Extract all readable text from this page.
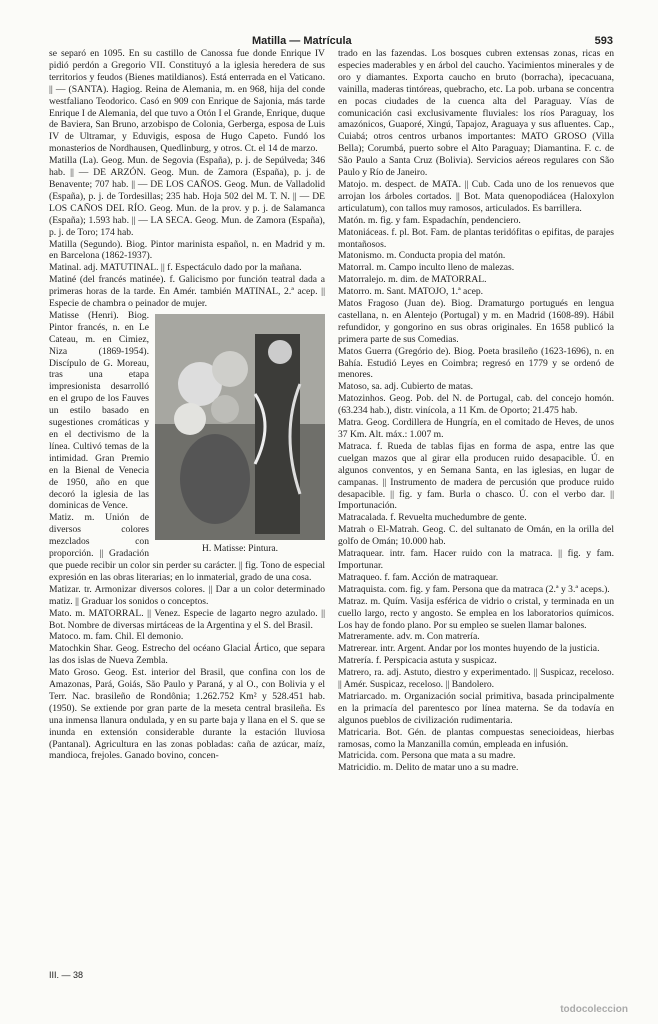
Matilla — Matrícula	593

se separó en 1095. En su castillo de Canossa fue donde Enrique IV pidió perdón a Gregorio VII. Constituyó a la iglesia heredera de sus territorios y feudos (Bienes matildianos). Está enterrada en el Vaticano. || — (SANTA). Hagiog. Reina de Alemania, m. en 968, hija del conde westfaliano Teodorico. Casó en 909 con Enrique de Sajonia, más tarde Enrique I de Alemania, del que tuvo a Otón I el Grande, Enrique, duque de Baviera, San Bruno, arzobispo de Colonia, Gerberga, esposa de Luis IV de Ultramar, y Eduvigis, esposa de Hugo Capeto. Fundó los monasterios de Nordhausen, Quedlinburg, y otros. Ct. el 14 de marzo.

Matilla (La). Geog. Mun. de Segovia (España), p. j. de Sepúlveda; 346 hab. || — DE ARZÓN. Geog. Mun. de Zamora (España), p. j. de Benavente; 707 hab. || — DE LOS CAÑOS. Geog. Mun. de Valladolid (España), p. j. de Tordesillas; 235 hab. Hoja 502 del M. T. N. || — DE LOS CAÑOS DEL RÍO. Geog. Mun. de la prov. y p. j. de Salamanca (España); 1.593 hab. || — LA SECA. Geog. Mun. de Zamora (España), p. j. de Toro; 174 hab.

Matilla (Segundo). Biog. Pintor marinista español, n. en Madrid y m. en Barcelona (1862-1937).

Matinal. adj. MATUTINAL. || f. Espectáculo dado por la mañana.

Matiné (del francés matinée). f. Galicismo por función teatral dada a primeras horas de la tarde. En Amér. también MATINAL, 2.ª acep. || Especie de chambra o peinador de mujer.

H. Matisse: Pintura.

Matisse (Henri). Biog. Pintor francés, n. en Le Cateau, m. en Cimiez, Niza (1869-1954). Discípulo de G. Moreau, tras una etapa impresionista desarrolló en el grupo de los Fauves un estilo basado en sugestiones cromáticas y en el dectivismo de la línea. Cultivó temas de la intimidad. Gran Premio en la Bienal de Venecia de 1950, año en que decoró la iglesia de las dominicas de Vence.

Matiz. m. Unión de diversos colores mezclados con proporción. || Gradación que puede recibir un color sin perder su carácter. || fig. Tono de especial expresión en las obras literarias; en lo inmaterial, grado de una cosa.

Matizar. tr. Armonizar diversos colores. || Dar a un color determinado matiz. || Graduar los sonidos o conceptos.

Mato. m. MATORRAL. || Venez. Especie de lagarto negro azulado. || Bot. Nombre de diversas mirtáceas de la Argentina y el S. del Brasil.

Matoco. m. fam. Chil. El demonio.

Matochkin Shar. Geog. Estrecho del océano Glacial Ártico, que separa las dos islas de Nueva Zembla.

Mato Groso. Geog. Est. interior del Brasil, que confina con los de Amazonas, Pará, Goiás, São Paulo y Paraná, y al O., con Bolivia y el Terr. Nac. brasileño de Rondônia; 1.262.752 Km² y 528.451 hab. (1950). Se extiende por gran parte de la meseta central brasileña. Es una inmensa llanura ondulada, y en su parte baja y llana en el S. que se inunda en extensión considerable durante la estación lluviosa (Pantanal). Agricultura en las zonas pobladas: caña de azúcar, maíz, mandioca, frejoles. Ganado bovino, concen-

trado en las fazendas. Los bosques cubren extensas zonas, ricas en especies maderables y en árbol del caucho. Yacimientos minerales y de oro y diamantes. Exporta caucho en bruto (borracha), ipecacuana, vainilla, maderas tintóreas, quebracho, etc. La pob. urbana se concentra en pocas ciudades de la cuenca alta del Paraguay. Vías de comunicación casi exclusivamente fluviales: los ríos Paraguay, los amazónicos, Guaporé, Xingú, Tapajoz, Araguaya y sus afluentes. Cap., Cuiabá; otros centros urbanos importantes: MATO GROSO (Villa Bella); Corumbá, puerto sobre el Alto Paraguay; Diamantina. F. c. de São Paulo a Santa Cruz (Bolivia). Servicios aéreos regulares con São Paulo y Río de Janeiro.

Matojo. m. despect. de MATA. || Cub. Cada uno de los renuevos que arrojan los árboles cortados. || Bot. Mata quenopodiácea (Haloxylon articulatum), con tallos muy ramosos, articulados. Es barrillera.

Matón. m. fig. y fam. Espadachín, pendenciero.

Matoniáceas. f. pl. Bot. Fam. de plantas teridófitas o epifitas, de parajes montañosos.

Matonismo. m. Conducta propia del matón.

Matorral. m. Campo inculto lleno de malezas.

Matorralejo. m. dim. de MATORRAL.

Matorro. m. Sant. MATOJO, 1.ª acep.

Matos Fragoso (Juan de). Biog. Dramaturgo portugués en lengua castellana, n. en Alentejo (Portugal) y m. en Madrid (1608-89). Hábil refundidor, y gongorino en sus obras originales. En 1658 publicó la primera parte de sus Comedias.

Matos Guerra (Gregório de). Biog. Poeta brasileño (1623-1696), n. en Bahía. Estudió Leyes en Coimbra; regresó en 1779 y se ordenó de menores.

Matoso, sa. adj. Cubierto de matas.

Matozinhos. Geog. Pob. del N. de Portugal, cab. del concejo homón. (63.234 hab.), distr. vinícola, a 11 Km. de Oporto; 21.475 hab.

Matra. Geog. Cordillera de Hungría, en el comitado de Heves, de unos 37 Km. Alt. máx.: 1.007 m.

Matraca. f. Rueda de tablas fijas en forma de aspa, entre las que cuelgan mazos que al girar ella producen ruido desapacible. Ú. en algunos conventos, y en Semana Santa, en las iglesias, en lugar de campanas. || Instrumento de madera de percusión que produce ruido desapacible. || fig. y fam. Burla o chasco. Ú. con el verbo dar. || Importunación.

Matracalada. f. Revuelta muchedumbre de gente.

Matrah o El-Matrah. Geog. C. del sultanato de Omán, en la orilla del golfo de Omán; 10.000 hab.

Matraquear. intr. fam. Hacer ruido con la matraca. || fig. y fam. Importunar.

Matraqueo. f. fam. Acción de matraquear.

Matraquista. com. fig. y fam. Persona que da matraca (2.ª y 3.ª aceps.).

Matraz. m. Quím. Vasija esférica de vidrio o cristal, y terminada en un cuello largo, recto y angosto. Se emplea en los laboratorios químicos. Los hay de fondo plano. Por su empleo se suelen llamar balones.

Matreramente. adv. m. Con matrería.

Matrerear. intr. Argent. Andar por los montes huyendo de la justicia.

Matrería. f. Perspicacia astuta y suspicaz.

Matrero, ra. adj. Astuto, diestro y experimentado. || Suspicaz, receloso. || Amér. Suspicaz, receloso. || Bandolero.

Matriarcado. m. Organización social primitiva, basada principalmente en la primacía del parentesco por línea materna. Se da todavía en algunos pueblos de civilización rudimentaria.

Matricaria. Bot. Gén. de plantas compuestas senecioideas, hierbas ramosas, como la Manzanilla común, empleada en infusión.

Matricida. com. Persona que mata a su madre.

Matricidio. m. Delito de matar uno a su madre.

III. — 38
todocoleccion
